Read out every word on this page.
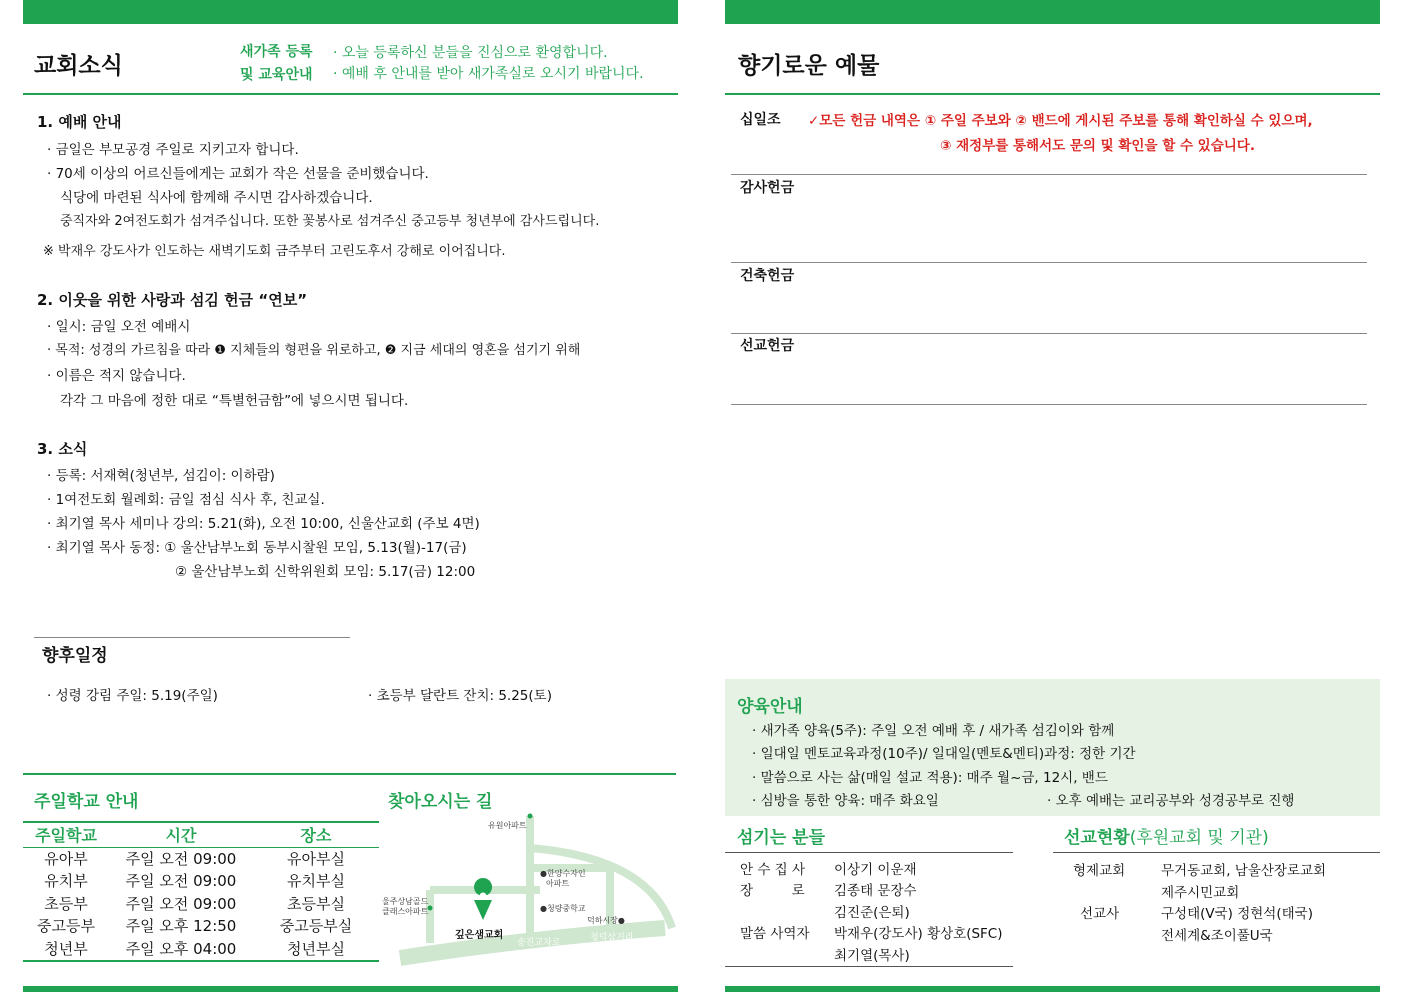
교회소식
새가족 등록
및 교육안내
· 오늘 등록하신 분들을 진심으로 환영합니다.
· 예배 후 안내를 받아 새가족실로 오시기 바랍니다.
1. 예배 안내
· 금일은 부모공경 주일로 지키고자 합니다.
· 70세 이상의 어르신들에게는 교회가 작은 선물을 준비했습니다.
식당에 마련된 식사에 함께해 주시면 감사하겠습니다.
중직자와 2여전도회가 섬겨주십니다. 또한 꽃봉사로 섬겨주신 중고등부 청년부에 감사드립니다.
※ 박재우 강도사가 인도하는 새벽기도회 금주부터 고린도후서 강해로 이어집니다.
2. 이웃을 위한 사랑과 섬김 헌금 “연보”
· 일시: 금일 오전 예배시
· 목적: 성경의 가르침을 따라 ❶ 지체들의 형편을 위로하고, ❷ 지금 세대의 영혼을 섬기기 위해
· 이름은 적지 않습니다.
각각 그 마음에 정한 대로 “특별헌금함”에 넣으시면 됩니다.
3. 소식
· 등록: 서재혁(청년부, 섬김이: 이하람)
· 1여전도회 월례회: 금일 점심 식사 후, 친교실.
· 최기열 목사 세미나 강의: 5.21(화), 오전 10:00, 신울산교회 (주보 4면)
· 최기열 목사 동정: ① 울산남부노회 동부시찰원 모임, 5.13(월)-17(금)
② 울산남부노회 신학위원회 모임: 5.17(금) 12:00
향후일정
· 성령 강림 주일: 5.19(주일)	· 초등부 달란트 잔치: 5.25(토)
주일학교 안내
주일학교	시간	장소
유아부	주일 오전 09:00	유아부실
유치부	주일 오전 09:00	유치부실
초등부	주일 오전 09:00	초등부실
중고등부	주일 오후 12:50	중고등부실
청년부	주일 오후 04:00	청년부실
찾아오시는 길
유원아파트
●한양수자인
아파트
울주상남골드
클래스아파트	●청량중학교
덕하시장●
깊은샘교회
송진교차로	청덕삼거리
향기로운 예물
십일조 ✓모든 헌금 내역은 ① 주일 주보와 ② 밴드에 게시된 주보를 통해 확인하실 수 있으며,
③ 재정부를 통해서도 문의 및 확인을 할 수 있습니다.
감사헌금
건축헌금
선교헌금
양육안내
· 새가족 양육(5주): 주일 오전 예배 후 / 새가족 섬김이와 함께
· 일대일 멘토교육과정(10주)/ 일대일(멘토&멘티)과정: 정한 기간
· 말씀으로 사는 삶(매일 설교 적용): 매주 월~금, 12시, 밴드
· 심방을 통한 양육: 매주 화요일	· 오후 예배는 교리공부와 성경공부로 진행
섬기는 분들
안 수 집 사 이상기 이운재
장         로 김종태 문장수
김진준(은퇴)
말씀 사역자 박재우(강도사) 황상호(SFC)
최기열(목사)
선교현황(후원교회 및 기관)
형제교회	무거동교회, 남울산장로교회
제주시민교회
선교사	구성태(V국) 정현석(태국)
전세계&조이풀U국
